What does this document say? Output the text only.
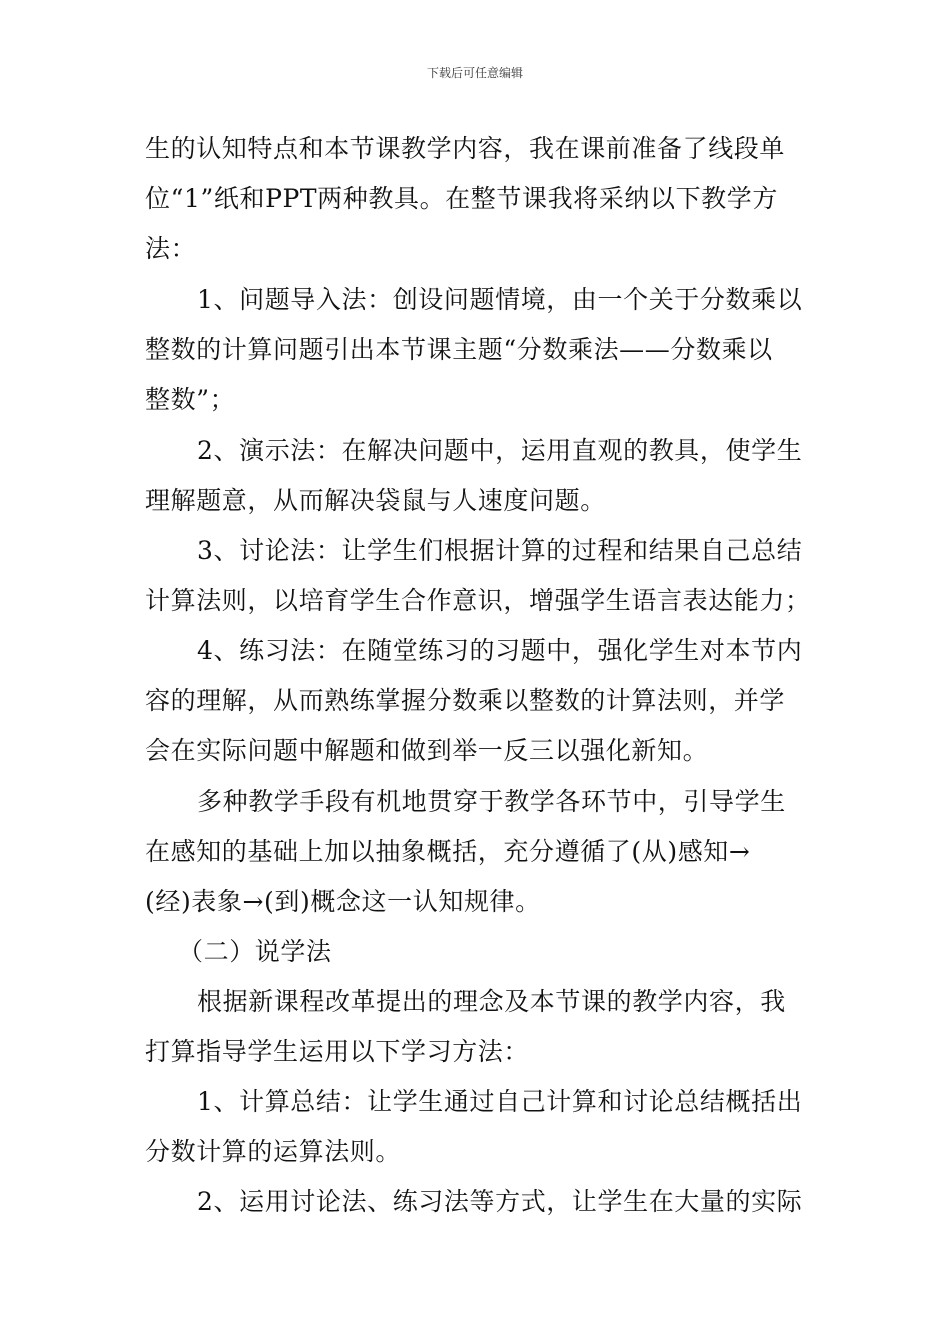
下载后可任意编辑
生的认知特点和本节课教学内容，我在课前准备了线段单
位“1”纸和PPT两种教具。在整节课我将采纳以下教学方
法：
1、问题导入法：创设问题情境，由一个关于分数乘以
整数的计算问题引出本节课主题“分数乘法——分数乘以
整数”；
2、演示法：在解决问题中，运用直观的教具，使学生
理解题意，从而解决袋鼠与人速度问题。
3、讨论法：让学生们根据计算的过程和结果自己总结
计算法则，以培育学生合作意识，增强学生语言表达能力；
4、练习法：在随堂练习的习题中，强化学生对本节内
容的理解，从而熟练掌握分数乘以整数的计算法则，并学
会在实际问题中解题和做到举一反三以强化新知。
多种教学手段有机地贯穿于教学各环节中，引导学生
在感知的基础上加以抽象概括，充分遵循了(从)感知→
(经)表象→(到)概念这一认知规律。
（二）说学法
根据新课程改革提出的理念及本节课的教学内容，我
打算指导学生运用以下学习方法：
1、计算总结：让学生通过自己计算和讨论总结概括出
分数计算的运算法则。
2、运用讨论法、练习法等方式，让学生在大量的实际
